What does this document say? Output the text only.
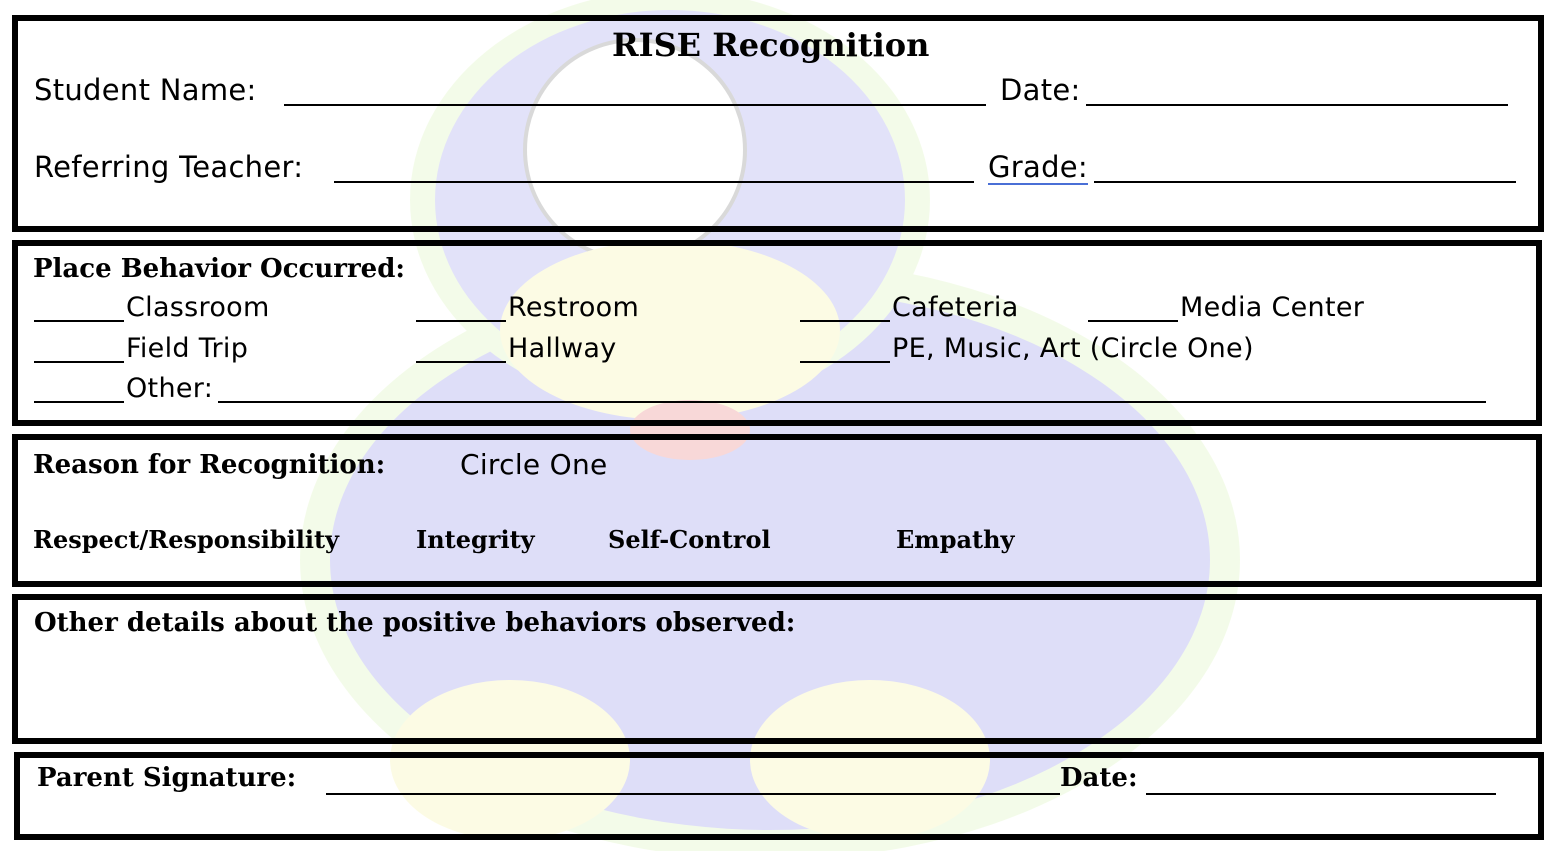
RISE Recognition
Student Name:	Date:
Referring Teacher:	Grade:
Place Behavior Occurred:
Classroom	Restroom	Cafeteria	Media Center
Field Trip	Hallway	PE, Music, Art (Circle One)
Other:
Reason for Recognition:	Circle One
Respect/Responsibility	Integrity	Self-Control	Empathy
Other details about the positive behaviors observed:
Parent Signature:	Date:
